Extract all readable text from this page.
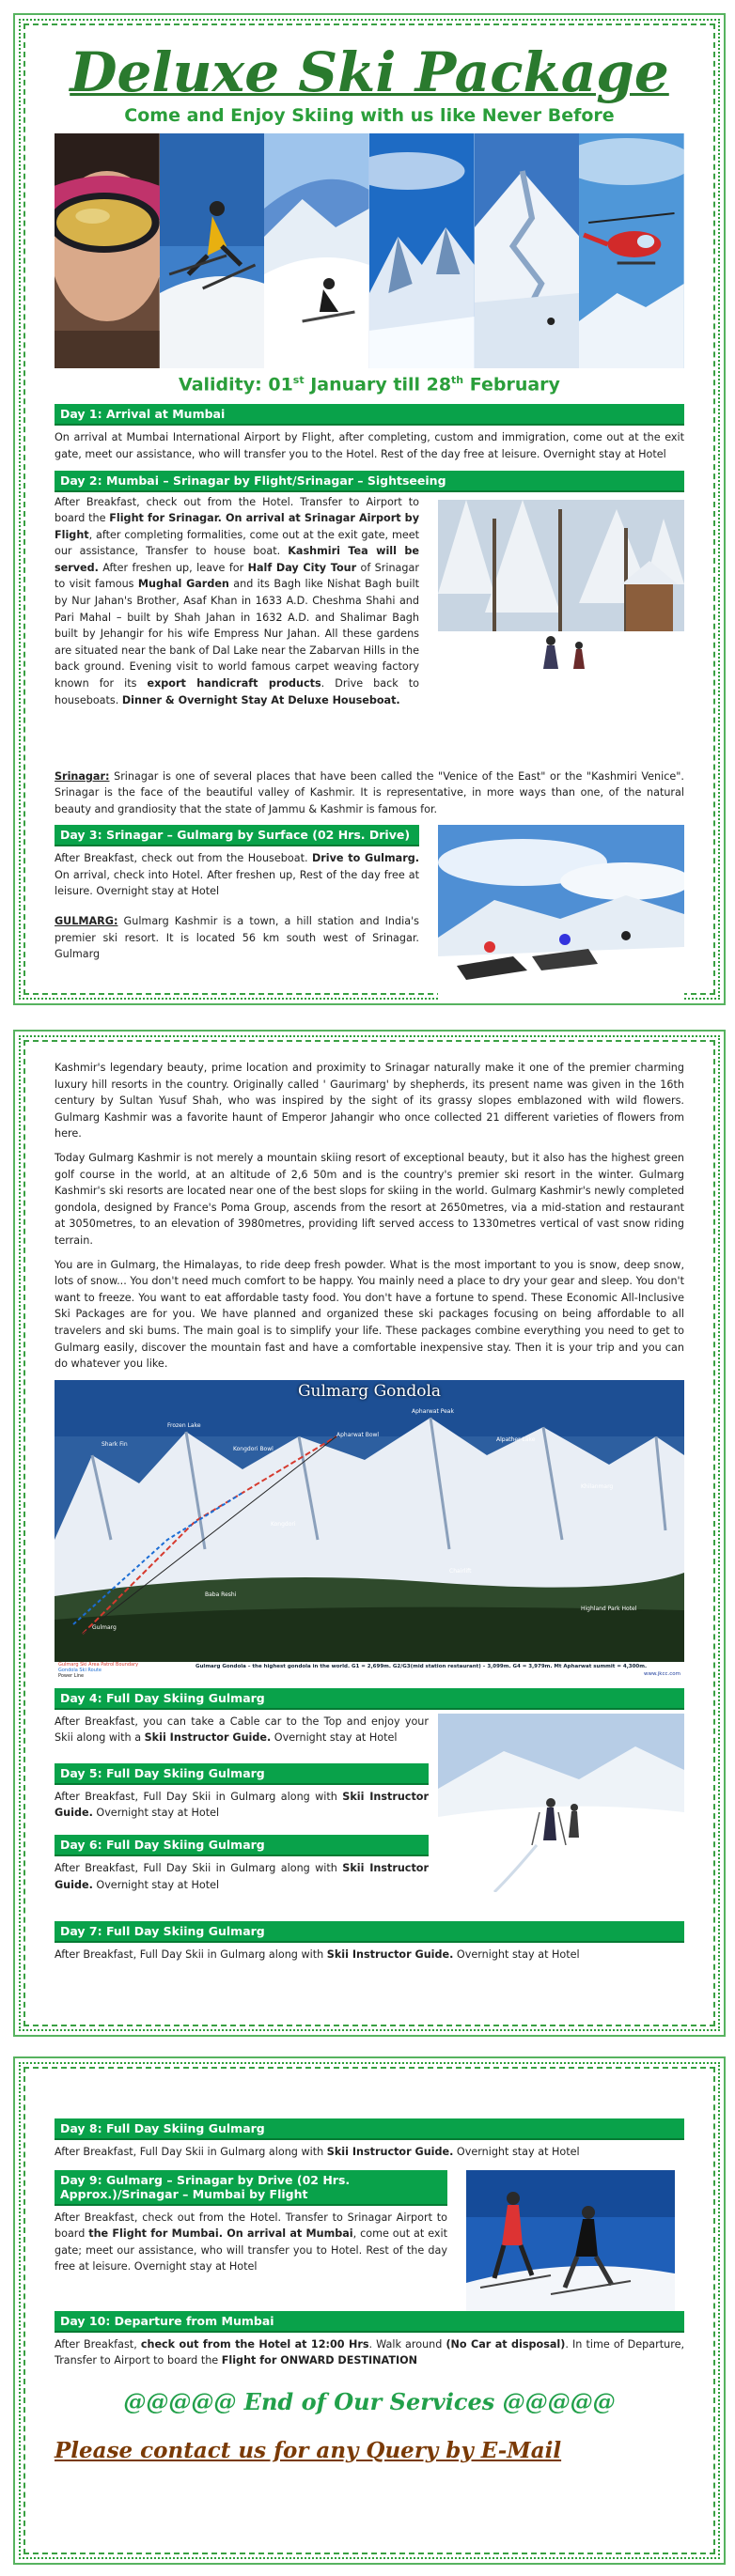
Deluxe Ski Package
Come and Enjoy Skiing with us like Never Before
Validity: 01st January till 28th February
Day 1: Arrival at Mumbai
On arrival at Mumbai International Airport by Flight, after completing, custom and immigration, come out at the exit gate, meet our assistance, who will transfer you to the Hotel. Rest of the day free at leisure. Overnight stay at Hotel
Day 2: Mumbai – Srinagar by Flight/Srinagar – Sightseeing
After Breakfast, check out from the Hotel. Transfer to Airport to board the Flight for Srinagar. On arrival at Srinagar Airport by Flight, after completing formalities, come out at the exit gate, meet our assistance, Transfer to house boat. Kashmiri Tea will be served. After freshen up, leave for Half Day City Tour of Srinagar to visit famous Mughal Garden and its Bagh like Nishat Bagh built by Nur Jahan's Brother, Asaf Khan in 1633 A.D. Cheshma Shahi and Pari Mahal – built by Shah Jahan in 1632 A.D. and Shalimar Bagh built by Jehangir for his wife Empress Nur Jahan. All these gardens are situated near the bank of Dal Lake near the Zabarvan Hills in the back ground. Evening visit to world famous carpet weaving factory known for its export handicraft products. Drive back to houseboats. Dinner & Overnight Stay At Deluxe Houseboat.
Srinagar: Srinagar is one of several places that have been called the "Venice of the East" or the "Kashmiri Venice". Srinagar is the face of the beautiful valley of Kashmir. It is representative, in more ways than one, of the natural beauty and grandiosity that the state of Jammu & Kashmir is famous for.
Day 3: Srinagar – Gulmarg by Surface (02 Hrs. Drive)
After Breakfast, check out from the Houseboat. Drive to Gulmarg. On arrival, check into Hotel. After freshen up, Rest of the day free at leisure. Overnight stay at Hotel
GULMARG: Gulmarg Kashmir is a town, a hill station and India's premier ski resort. It is located 56 km south west of Srinagar. Gulmarg
Kashmir's legendary beauty, prime location and proximity to Srinagar naturally make it one of the premier charming luxury hill resorts in the country. Originally called ' Gaurimarg' by shepherds, its present name was given in the 16th century by Sultan Yusuf Shah, who was inspired by the sight of its grassy slopes emblazoned with wild flowers. Gulmarg Kashmir was a favorite haunt of Emperor Jahangir who once collected 21 different varieties of flowers from here.
Today Gulmarg Kashmir is not merely a mountain skiing resort of exceptional beauty, but it also has the highest green golf course in the world, at an altitude of 2,6 50m and is the country's premier ski resort in the winter. Gulmarg Kashmir's ski resorts are located near one of the best slops for skiing in the world. Gulmarg Kashmir's newly completed gondola, designed by France's Poma Group, ascends from the resort at 2650metres, via a mid-station and restaurant at 3050metres, to an elevation of 3980metres, providing lift served access to 1330metres vertical of vast snow riding terrain.
You are in Gulmarg, the Himalayas, to ride deep fresh powder. What is the most important to you is snow, deep snow, lots of snow... You don't need much comfort to be happy. You mainly need a place to dry your gear and sleep. You don't want to freeze. You want to eat affordable tasty food. You don't have a fortune to spend. These Economic All-Inclusive Ski Packages are for you. We have planned and organized these ski packages focusing on being affordable to all travelers and ski bums. The main goal is to simplify your life. These packages combine everything you need to get to Gulmarg easily, discover the mountain fast and have a comfortable inexpensive stay. Then it is your trip and you can do whatever you like.
Gulmarg Gondola
Apharwat Peak
Apharwat Bowl
Kongdori Bowl
Frozen Lake
Shark Fin
Khilanmarg
Alpather Lake
Kongdori
Baba Reshi
Chairlift
Gulmarg
Highland Park Hotel
Gulmarg Ski Area Patrol Boundary
Gondola Ski Route
Power Line
Gulmarg Gondola – the highest gondola in the world. G1 = 2,699m. G2/G3(mid station restaurant) – 3,099m. G4 = 3,979m. Mt Apharwat summit = 4,300m.
www.jkcc.com
Day 4: Full Day Skiing Gulmarg
After Breakfast, you can take a Cable car to the Top and enjoy your Skii along with a Skii Instructor Guide. Overnight stay at Hotel
Day 5: Full Day Skiing Gulmarg
After Breakfast, Full Day Skii in Gulmarg along with Skii Instructor Guide. Overnight stay at Hotel
Day 6: Full Day Skiing Gulmarg
After Breakfast, Full Day Skii in Gulmarg along with Skii Instructor Guide. Overnight stay at Hotel
Day 7: Full Day Skiing Gulmarg
After Breakfast, Full Day Skii in Gulmarg along with Skii Instructor Guide. Overnight stay at Hotel
Day 8: Full Day Skiing Gulmarg
After Breakfast, Full Day Skii in Gulmarg along with Skii Instructor Guide. Overnight stay at Hotel
Day 9: Gulmarg – Srinagar by Drive (02 Hrs. Approx.)/Srinagar – Mumbai by Flight
After Breakfast, check out from the Hotel. Transfer to Srinagar Airport to board the Flight for Mumbai. On arrival at Mumbai, come out at exit gate; meet our assistance, who will transfer you to Hotel. Rest of the day free at leisure. Overnight stay at Hotel
Day 10: Departure from Mumbai
After Breakfast, check out from the Hotel at 12:00 Hrs. Walk around (No Car at disposal). In time of Departure, Transfer to Airport to board the Flight for ONWARD DESTINATION
@@@@@ End of Our Services @@@@@
Please contact us for any Query by E-Mail
